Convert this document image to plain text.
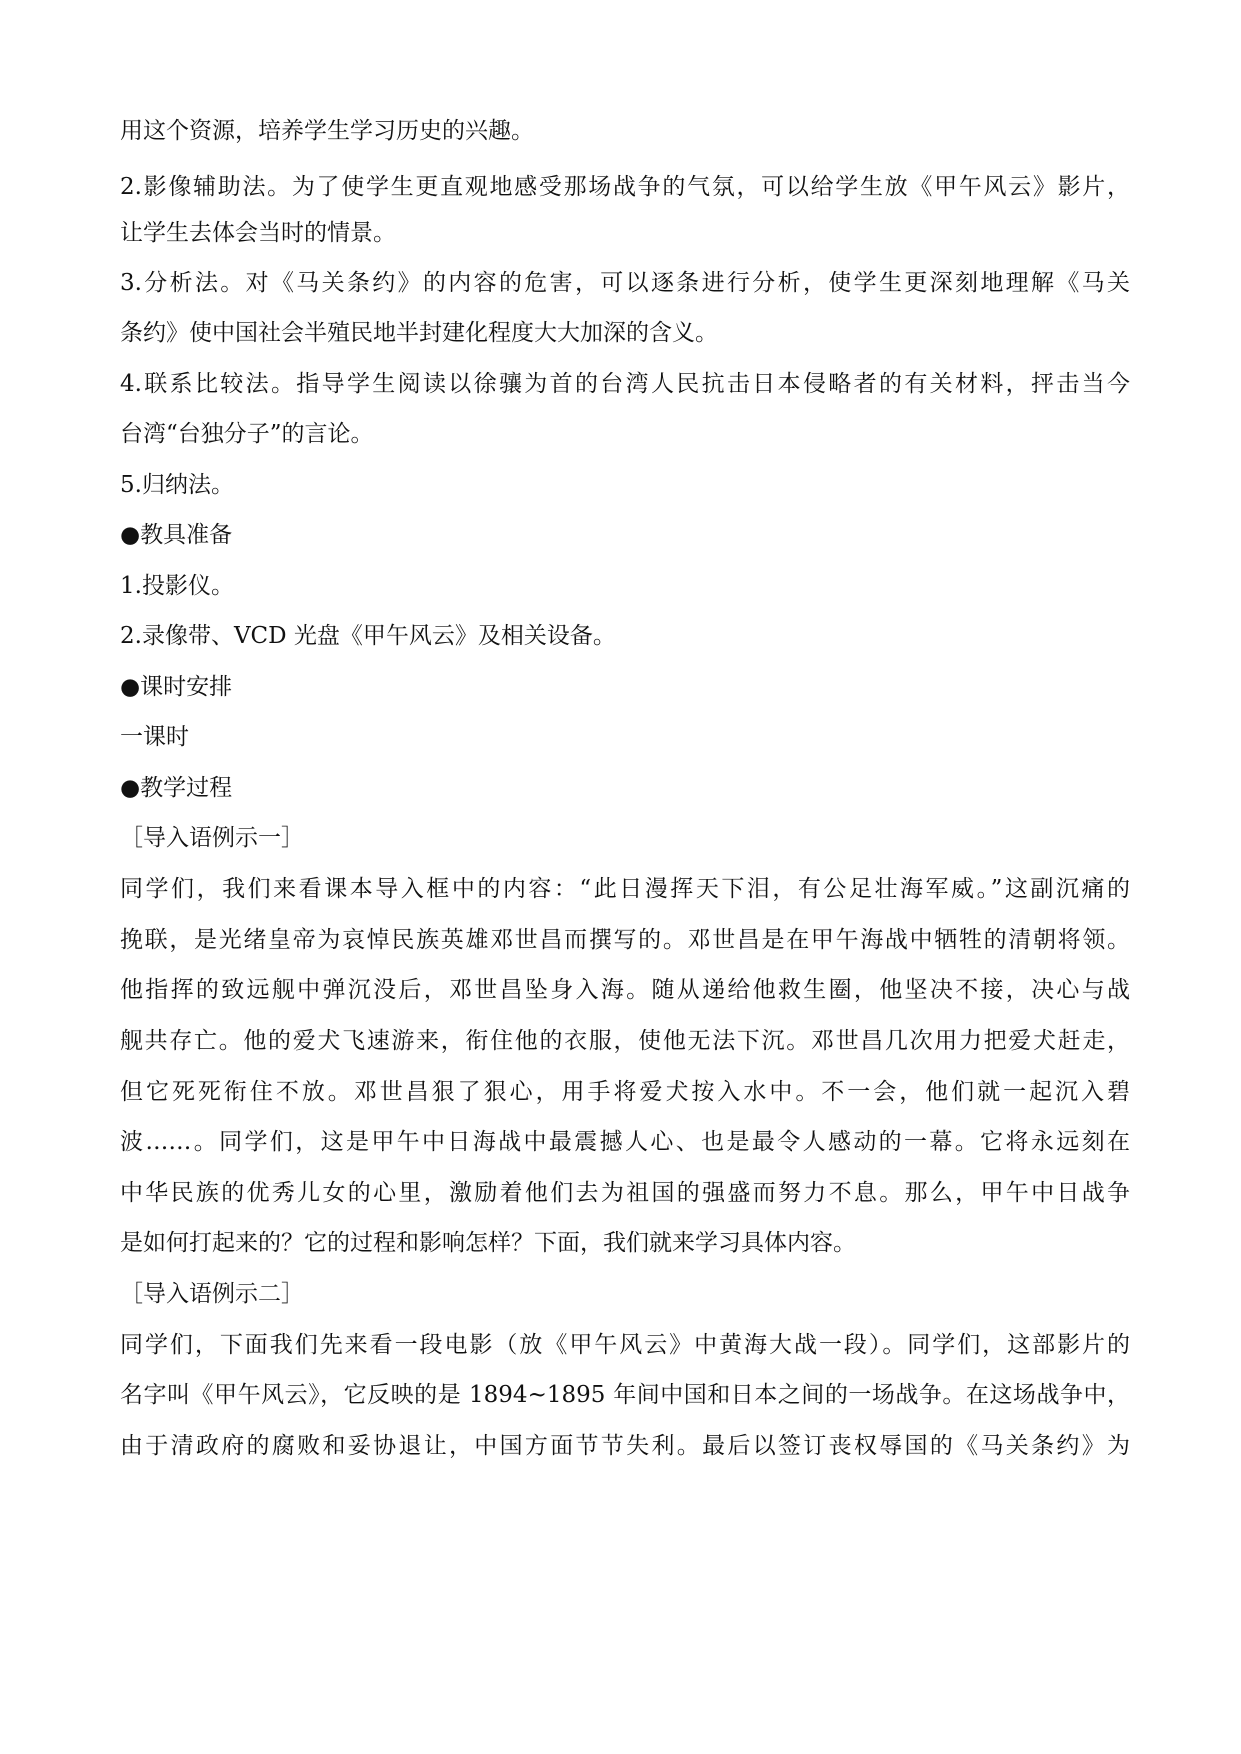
用这个资源，培养学生学习历史的兴趣。

2.影像辅助法。为了使学生更直观地感受那场战争的气氛，可以给学生放《甲午风云》影片，

让学生去体会当时的情景。

3.分析法。对《马关条约》的内容的危害，可以逐条进行分析，使学生更深刻地理解《马关

条约》使中国社会半殖民地半封建化程度大大加深的含义。

4.联系比较法。指导学生阅读以徐骧为首的台湾人民抗击日本侵略者的有关材料，抨击当今

台湾“台独分子”的言论。

5.归纳法。

●教具准备

1.投影仪。

2.录像带、VCD 光盘《甲午风云》及相关设备。

●课时安排

一课时

●教学过程

［导入语例示一］

同学们，我们来看课本导入框中的内容：“此日漫挥天下泪，有公足壮海军威。”这副沉痛的

挽联，是光绪皇帝为哀悼民族英雄邓世昌而撰写的。邓世昌是在甲午海战中牺牲的清朝将领。

他指挥的致远舰中弹沉没后，邓世昌坠身入海。随从递给他救生圈，他坚决不接，决心与战

舰共存亡。他的爱犬飞速游来，衔住他的衣服，使他无法下沉。邓世昌几次用力把爱犬赶走，

但它死死衔住不放。邓世昌狠了狠心，用手将爱犬按入水中。不一会，他们就一起沉入碧

波……。同学们，这是甲午中日海战中最震撼人心、也是最令人感动的一幕。它将永远刻在

中华民族的优秀儿女的心里，激励着他们去为祖国的强盛而努力不息。那么，甲午中日战争

是如何打起来的？它的过程和影响怎样？下面，我们就来学习具体内容。

［导入语例示二］

同学们，下面我们先来看一段电影（放《甲午风云》中黄海大战一段）。同学们，这部影片的

名字叫《甲午风云》，它反映的是 1894~1895 年间中国和日本之间的一场战争。在这场战争中，

由于清政府的腐败和妥协退让，中国方面节节失利。最后以签订丧权辱国的《马关条约》为
